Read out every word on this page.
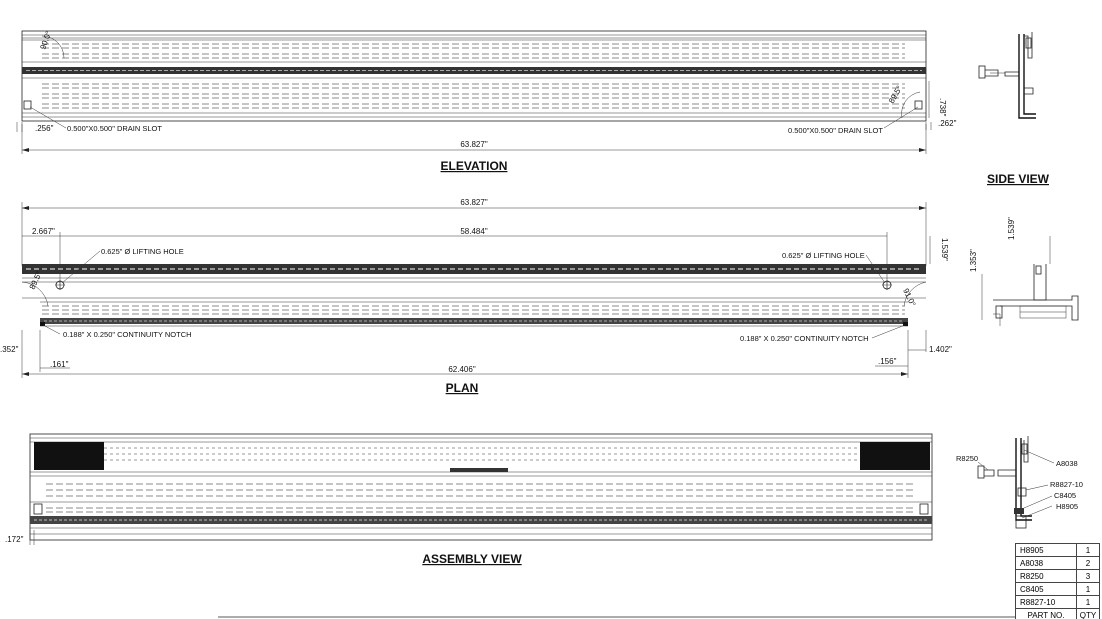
90.0°
89.5°
0.500"X0.500" DRAIN SLOT	0.500"X0.500" DRAIN SLOT
.256"
.262"
.738"
63.827"
ELEVATION
SIDE VIEW
63.827"
2.667"	58.484"
0.625" Ø LIFTING HOLE	0.625" Ø LIFTING HOLE
89.5°
91.0°
0.188" X 0.250" CONTINUITY NOTCH	0.188" X 0.250" CONTINUITY NOTCH
1.539"
.352"	1.402"
.161"	.156"
62.406"
PLAN
1.539"
1.353"
.172"
ASSEMBLY VIEW
R8250
A8038
R8827-10
C8405
H8905
H8905	1
A8038	2
R8250	3
C8405	1
R8827-10	1
PART NO.	QTY
